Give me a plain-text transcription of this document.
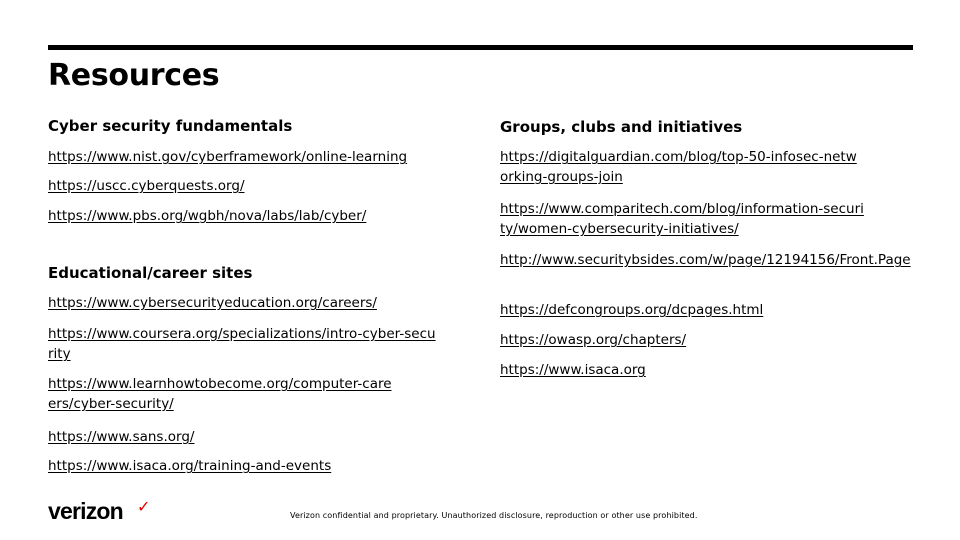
Resources
Cyber security fundamentals
https://www.nist.gov/cyberframework/online-learning
https://uscc.cyberquests.org/
https://www.pbs.org/wgbh/nova/labs/lab/cyber/
Educational/career sites
https://www.cybersecurityeducation.org/careers/
https://www.coursera.org/specializations/intro-cyber-security
https://www.learnhowtobecome.org/computer-careers/cyber-security/
https://www.sans.org/
https://www.isaca.org/training-and-events
Groups, clubs and initiatives
https://digitalguardian.com/blog/top-50-infosec-networking-groups-join
https://www.comparitech.com/blog/information-security/women-cybersecurity-initiatives/
http://www.securitybsides.com/w/page/12194156/Front.Page
https://defcongroups.org/dcpages.html
https://owasp.org/chapters/
https://www.isaca.org
verizon ✓	Verizon confidential and proprietary. Unauthorized disclosure, reproduction or other use prohibited.
